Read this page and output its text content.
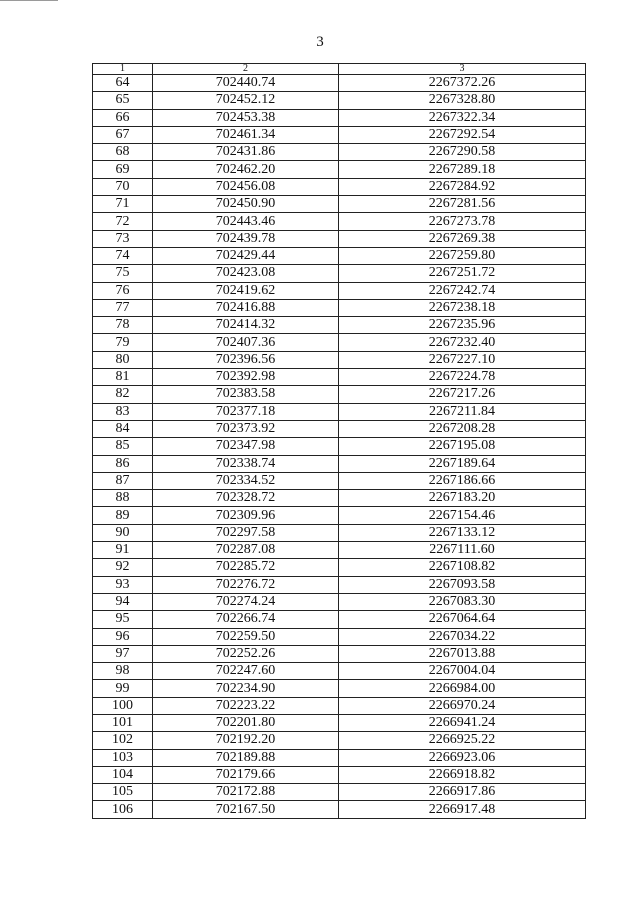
3
1	2	3
64	702440.74	2267372.26
65	702452.12	2267328.80
66	702453.38	2267322.34
67	702461.34	2267292.54
68	702431.86	2267290.58
69	702462.20	2267289.18
70	702456.08	2267284.92
71	702450.90	2267281.56
72	702443.46	2267273.78
73	702439.78	2267269.38
74	702429.44	2267259.80
75	702423.08	2267251.72
76	702419.62	2267242.74
77	702416.88	2267238.18
78	702414.32	2267235.96
79	702407.36	2267232.40
80	702396.56	2267227.10
81	702392.98	2267224.78
82	702383.58	2267217.26
83	702377.18	2267211.84
84	702373.92	2267208.28
85	702347.98	2267195.08
86	702338.74	2267189.64
87	702334.52	2267186.66
88	702328.72	2267183.20
89	702309.96	2267154.46
90	702297.58	2267133.12
91	702287.08	2267111.60
92	702285.72	2267108.82
93	702276.72	2267093.58
94	702274.24	2267083.30
95	702266.74	2267064.64
96	702259.50	2267034.22
97	702252.26	2267013.88
98	702247.60	2267004.04
99	702234.90	2266984.00
100	702223.22	2266970.24
101	702201.80	2266941.24
102	702192.20	2266925.22
103	702189.88	2266923.06
104	702179.66	2266918.82
105	702172.88	2266917.86
106	702167.50	2266917.48
